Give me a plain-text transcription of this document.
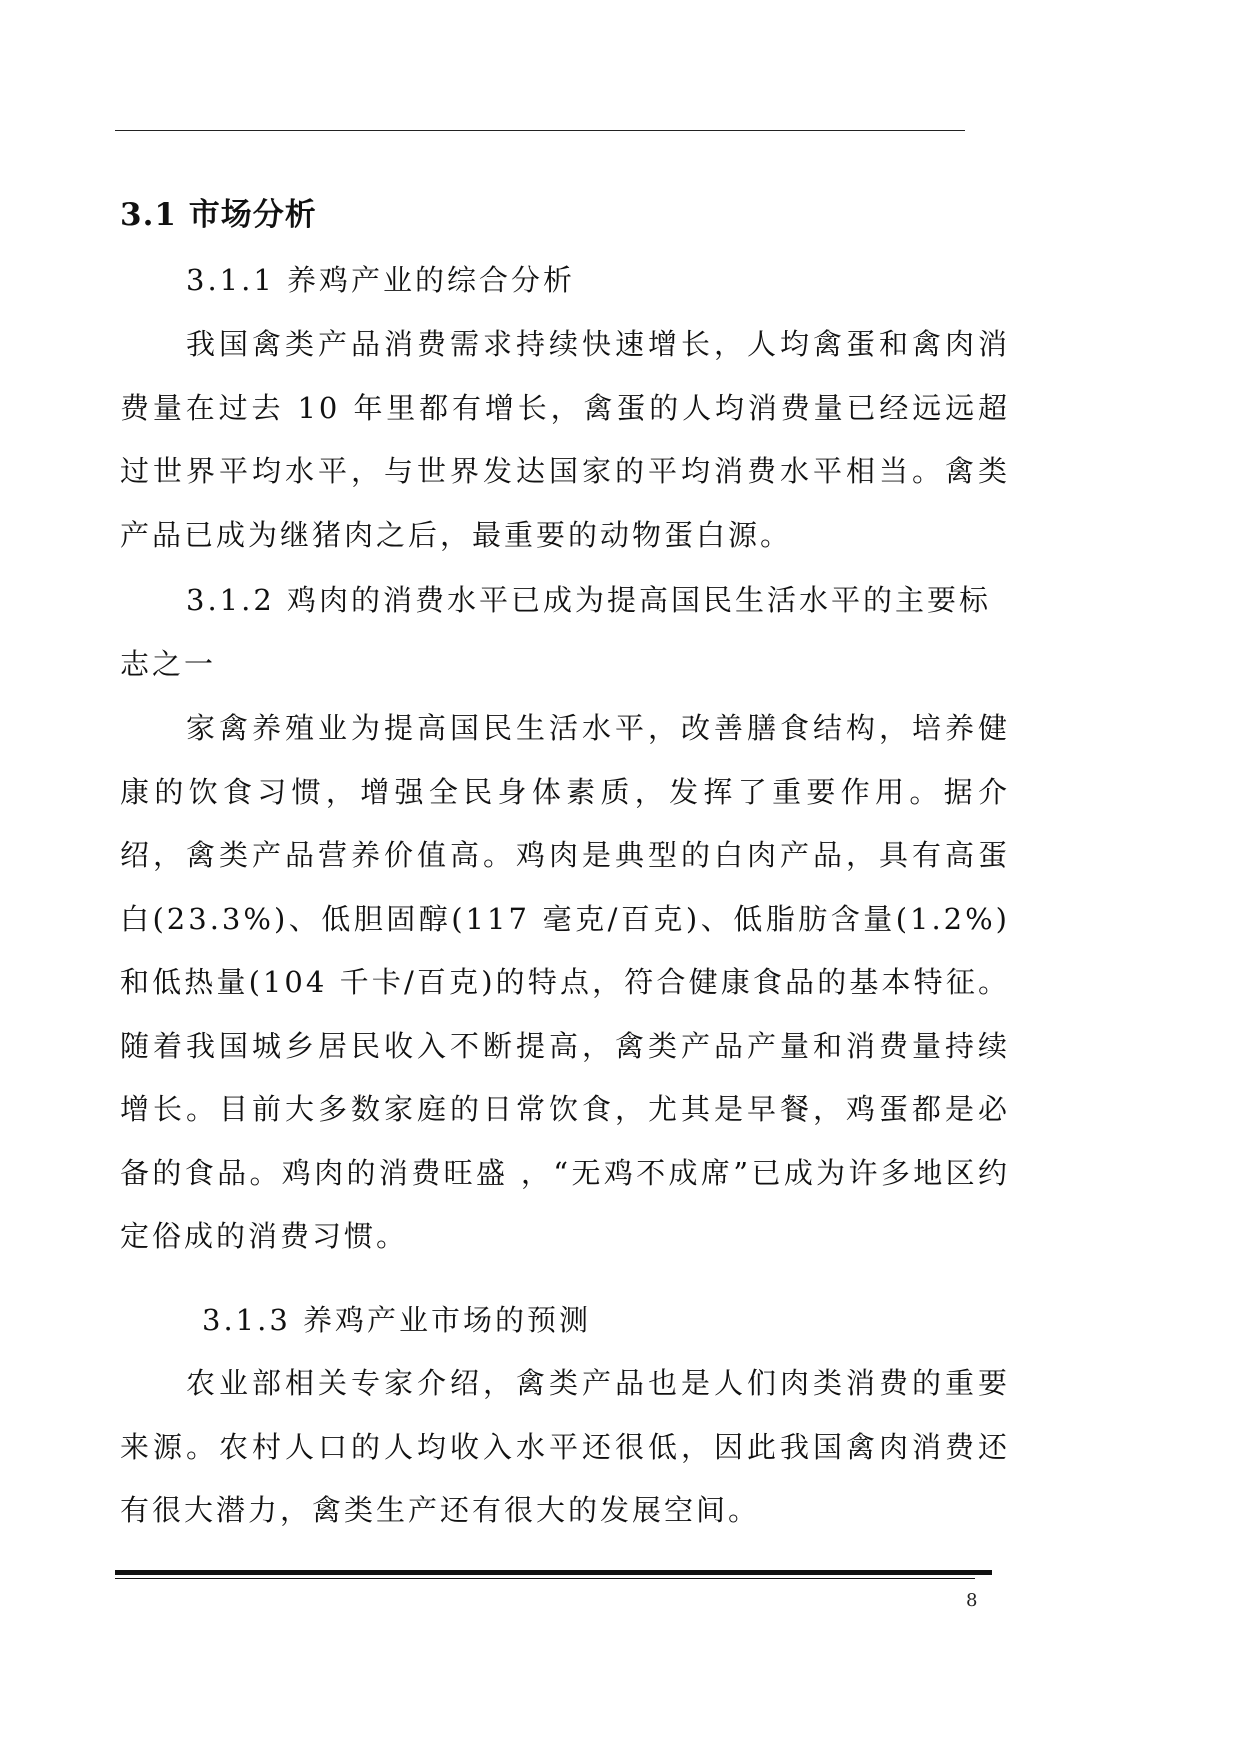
3.1 市场分析
3.1.1 养鸡产业的综合分析

我国禽类产品消费需求持续快速增长，人均禽蛋和禽肉消费量在过去 10 年里都有增长，禽蛋的人均消费量已经远远超过世界平均水平，与世界发达国家的平均消费水平相当。禽类产品已成为继猪肉之后，最重要的动物蛋白源。

3.1.2 鸡肉的消费水平已成为提高国民生活水平的主要标志之一

家禽养殖业为提高国民生活水平，改善膳食结构，培养健康的饮食习惯，增强全民身体素质，发挥了重要作用。据介绍，禽类产品营养价值高。鸡肉是典型的白肉产品，具有高蛋白(23.3%)、低胆固醇(117 毫克/百克)、低脂肪含量(1.2%)和低热量(104 千卡/百克)的特点，符合健康食品的基本特征。随着我国城乡居民收入不断提高，禽类产品产量和消费量持续增长。目前大多数家庭的日常饮食，尤其是早餐，鸡蛋都是必备的食品。鸡肉的消费旺盛 ，“无鸡不成席”已成为许多地区约定俗成的消费习惯。

3.1.3 养鸡产业市场的预测

农业部相关专家介绍，禽类产品也是人们肉类消费的重要来源。农村人口的人均收入水平还很低，因此我国禽肉消费还有很大潜力，禽类生产还有很大的发展空间。

8
